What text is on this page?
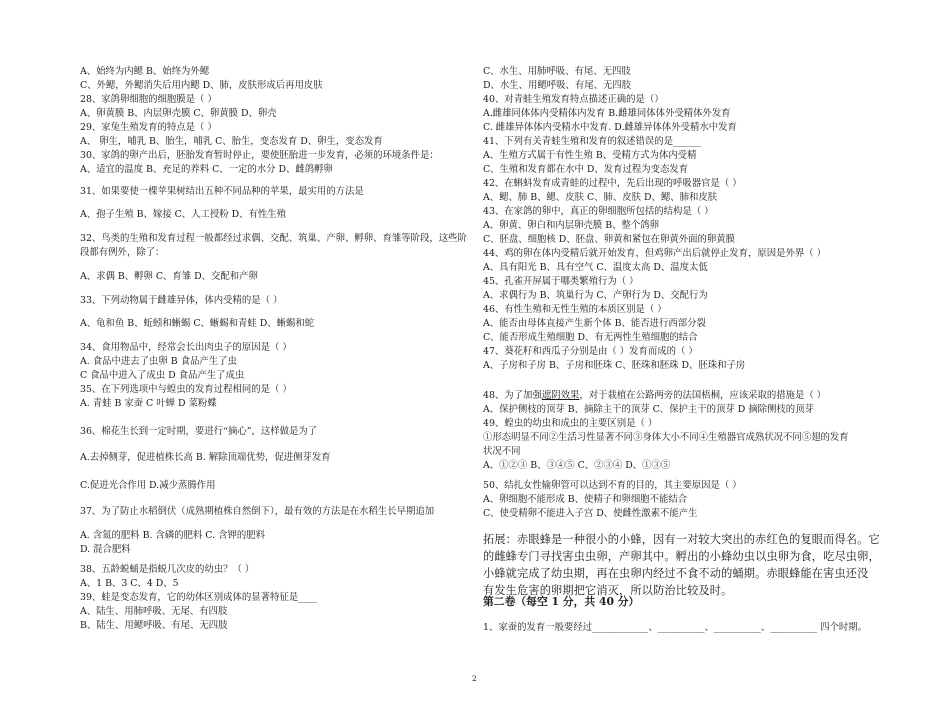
A、始终为内鳃 B、始终为外鳃
C、外鳃，外鳃消失后用内鳃 D、肺，皮肤形成后再用皮肤
28、家鸽卵细胞的细胞膜是（ ）
A、卵黄膜 B、内层卵壳膜 C、卵黄膜 D、卵壳
29、家兔生殖发育的特点是（ ）
A、 卵生，哺乳 B、胎生，哺乳 C、胎生，变态发育 D、卵生，变态发育
30、家鸽的卵产出后，胚胎发育暂时停止，要使胚胎进一步发育，必须的环境条件是：
A、适宜的温度 B、充足的养料 C、一定的水分 D、雌鸽孵卵
31、如果要使一棵苹果树结出五种不同品种的苹果，最实用的方法是
A、孢子生殖 B、嫁接 C、人工授粉 D、有性生殖
32、鸟类的生殖和发育过程一般都经过求偶、交配、筑巢、产卵、孵卵、育雏等阶段，这些阶
段都有例外，除了：
A、求偶 B、孵卵 C、育雏 D、交配和产卵
33、下列动物属于雌雄异体，体内受精的是（ ）
A、龟和鱼 B、蚯蚓和蜥蜴 C、蜥蜴和青蛙 D、蜥蜴和蛇
34、食用物品中，经常会长出肉虫子的原因是（ ）
A. 食品中进去了虫卵 B 食品产生了虫
C 食品中进入了成虫 D 食品产生了成虫
35、在下列选项中与蝗虫的发育过程相同的是（ ）
A. 青蛙 B 家蚕 C 叶蝉 D 菜粉蝶
36、棉花生长到一定时期，要进行“摘心”，这样做是为了
A.去掉侧芽，促进植株长高 B. 解除顶端优势，促进侧芽发育
C.促进光合作用 D.减少蒸腾作用
37、为了防止水稻倒伏（成熟期植株自然倒下），最有效的方法是在水稻生长早期追加
A. 含氮的肥料 B. 含磷的肥料 C. 含钾的肥料
D. 混合肥料
38、五龄蜕蛹是指蜕几次皮的幼虫？（ ）
A、1 B、3 C、4 D、5
39、蛙是变态发育，它的幼体区别成体的显著特征是____
A、陆生、用肺呼吸、无尾、有四肢
B、陆生、用鳃呼吸、有尾、无四肢
48、为了加强遮阴效果，对于栽植在公路两旁的法国梧桐，应该采取的措施是（ ）
A、保护侧枝的顶芽 B、摘除主干的顶芽 C、保护主干的顶芽 D 摘除侧枝的顶芽
拓展：赤眼蜂是一种很小的小蜂，因有一对较大突出的赤红色的复眼而得名。它
的雌蜂专门寻找害虫虫卵，产卵其中。孵出的小蜂幼虫以虫卵为食，吃尽虫卵，
小蜂就完成了幼虫期，再在虫卵内经过不食不动的蛹期。赤眼蜂能在害虫还没
有发生危害的卵期把它消灭，所以防治比较及时。
第二卷（每空 1 分，共 40 分）
1、家蚕的发育一般要经过____________、__________、__________、__________ 四个时期。
C、水生、用肺呼吸、有尾、无四肢
D、水生、用鳃呼吸、有尾、无四肢
40、对青蛙生殖发育特点描述正确的是（）
A.雌雄同体体内受精体内发育 B.雌雄同体体外受精体外发育
C. 雌雄异体体内受精水中发育. D.雌雄异体体外受精水中发育
41、下列有关青蛙生殖和发育的叙述错误的是______
A、生殖方式属于有性生殖 B、受精方式为体内受精
C、生殖和发育都在水中 D、发育过程为变态发育
42、在蝌蚪发育成青蛙的过程中，先后出现的呼吸器官是（ ）
A、鳃、肺 B、鳃、皮肤 C、肺、皮肤 D、鳃、肺和皮肤
43、在家鸽的卵中，真正的卵细胞所包括的结构是（ ）
A、卵黄、卵白和内层卵壳膜 B、整个鸽卵
C、胚盘、细胞核 D、胚盘、卵黄和紧包在卵黄外面的卵黄膜
44、鸡的卵在体内受精后就开始发育，但鸡卵产出后就停止发育，原因是外界（ ）
A、具有阳光 B、具有空气 C、温度太高 D、温度太低
45、孔雀开屏属于哪类繁殖行为（ ）
A、求偶行为 B、筑巢行为 C、产卵行为 D、交配行为
46、有性生殖和无性生殖的本质区别是（ ）
A、能否由母体直接产生新个体 B、能否进行西部分裂
C、能否形成生殖细胞 D、有无两性生殖细胞的结合
47、葵花籽和西瓜子分别是由（ ）发育而成的（ ）
A、子房和子房 B、子房和胚珠 C、胚珠和胚珠 D、胚珠和子房
49、蝗虫的幼虫和成虫的主要区别是（ ）
①形态明显不同②生活习性显著不同③身体大小不同④生殖器官成熟状况不同⑤翅的发育
状况不同
A、①②③ B、③④⑤ C、②③④ D、①③⑤
50、结扎女性输卵管可以达到不育的目的，其主要原因是（ ）
A、卵细胞不能形成 B、使精子和卵细胞不能结合
C、使受精卵不能进入子宫 D、使雌性激素不能产生
2
